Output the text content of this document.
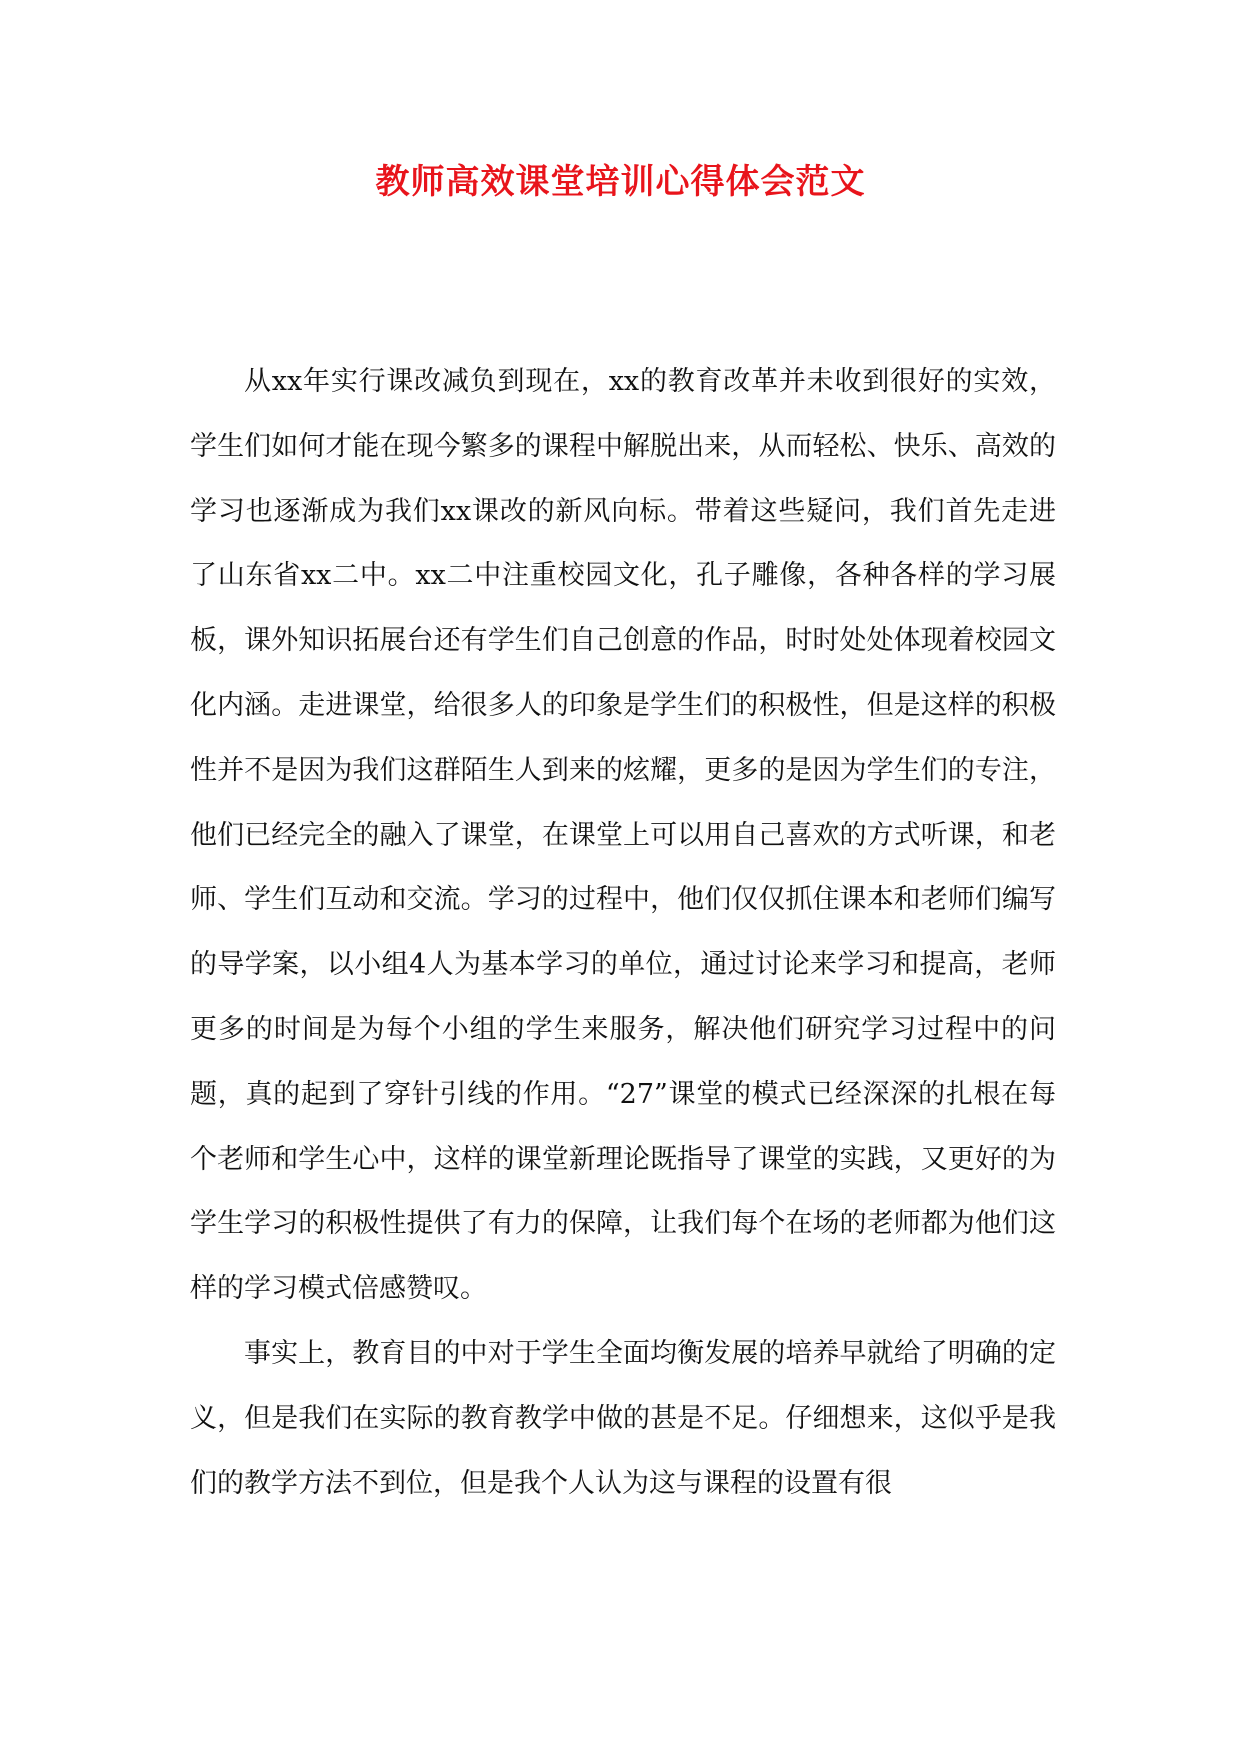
教师高效课堂培训心得体会范文

从xx年实行课改减负到现在，xx的教育改革并未收到很好的实效，学生们如何才能在现今繁多的课程中解脱出来，从而轻松、快乐、高效的学习也逐渐成为我们xx课改的新风向标。带着这些疑问，我们首先走进了山东省xx二中。xx二中注重校园文化，孔子雕像，各种各样的学习展板，课外知识拓展台还有学生们自己创意的作品，时时处处体现着校园文化内涵。走进课堂，给很多人的印象是学生们的积极性，但是这样的积极性并不是因为我们这群陌生人到来的炫耀，更多的是因为学生们的专注，他们已经完全的融入了课堂，在课堂上可以用自己喜欢的方式听课，和老师、学生们互动和交流。学习的过程中，他们仅仅抓住课本和老师们编写的导学案，以小组4人为基本学习的单位，通过讨论来学习和提高，老师更多的时间是为每个小组的学生来服务，解决他们研究学习过程中的问题，真的起到了穿针引线的作用。“27”课堂的模式已经深深的扎根在每个老师和学生心中，这样的课堂新理论既指导了课堂的实践，又更好的为学生学习的积极性提供了有力的保障，让我们每个在场的老师都为他们这样的学习模式倍感赞叹。

事实上，教育目的中对于学生全面均衡发展的培养早就给了明确的定义，但是我们在实际的教育教学中做的甚是不足。仔细想来，这似乎是我们的教学方法不到位，但是我个人认为这与课程的设置有很
